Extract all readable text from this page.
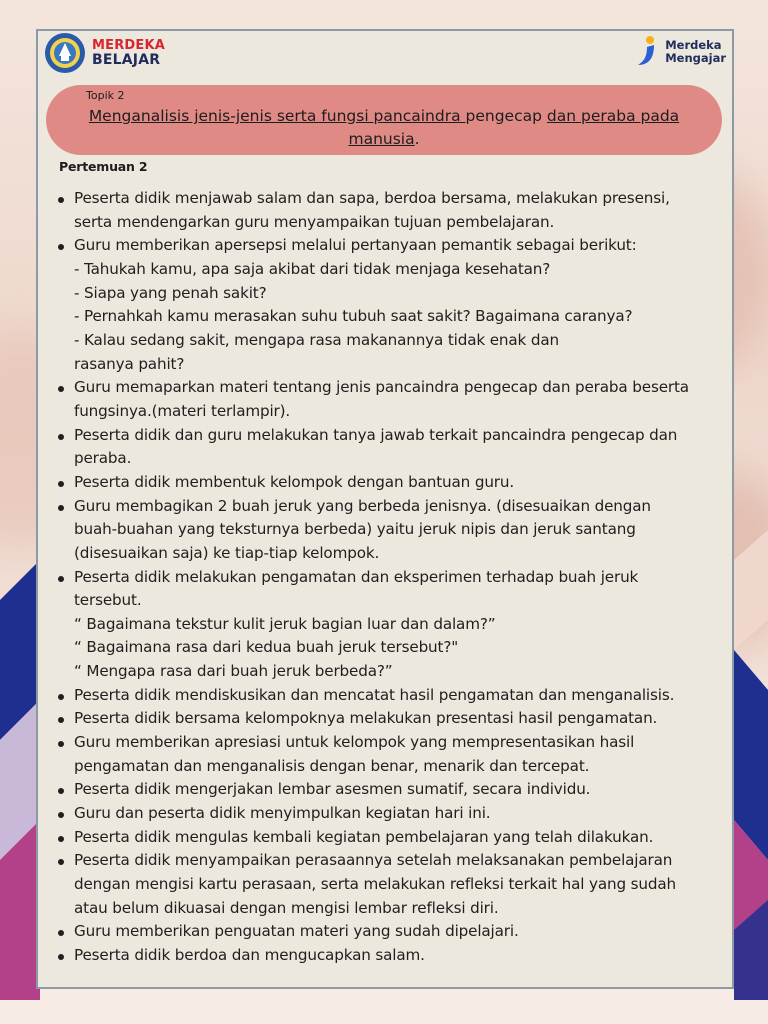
MERDEKA
BELAJAR
Merdeka
Mengajar
Topik 2
Menganalisis jenis-jenis serta fungsi pancaindra pengecap dan peraba pada
manusia.
Pertemuan 2
Peserta didik menjawab salam dan sapa, berdoa bersama, melakukan presensi,
serta mendengarkan guru menyampaikan tujuan pembelajaran.
Guru memberikan apersepsi melalui pertanyaan pemantik sebagai berikut:
- Tahukah kamu, apa saja akibat dari tidak menjaga kesehatan?
- Siapa yang penah sakit?
- Pernahkah kamu merasakan suhu tubuh saat sakit? Bagaimana caranya?
- Kalau sedang sakit, mengapa rasa makanannya tidak enak dan
rasanya pahit?
Guru memaparkan materi tentang jenis pancaindra pengecap dan peraba beserta
fungsinya.(materi terlampir).
Peserta didik dan guru melakukan tanya jawab terkait pancaindra pengecap dan
peraba.
Peserta didik membentuk kelompok dengan bantuan guru.
Guru membagikan 2 buah jeruk yang berbeda jenisnya. (disesuaikan dengan
buah-buahan yang teksturnya berbeda) yaitu jeruk nipis dan jeruk santang
(disesuaikan saja) ke tiap-tiap kelompok.
Peserta didik melakukan pengamatan dan eksperimen terhadap buah jeruk
tersebut.
“ Bagaimana tekstur kulit jeruk bagian luar dan dalam?”
“ Bagaimana rasa dari kedua buah jeruk tersebut?"
“ Mengapa rasa dari buah jeruk berbeda?”
Peserta didik mendiskusikan dan mencatat hasil pengamatan dan menganalisis.
Peserta didik bersama kelompoknya melakukan presentasi hasil pengamatan.
Guru memberikan apresiasi untuk kelompok yang mempresentasikan hasil
pengamatan dan menganalisis dengan benar, menarik dan tercepat.
Peserta didik mengerjakan lembar asesmen sumatif, secara individu.
Guru dan peserta didik menyimpulkan kegiatan hari ini.
Peserta didik mengulas kembali kegiatan pembelajaran yang telah dilakukan.
Peserta didik menyampaikan perasaannya setelah melaksanakan pembelajaran
dengan mengisi kartu perasaan, serta melakukan refleksi terkait hal yang sudah
atau belum dikuasai dengan mengisi lembar refleksi diri.
Guru memberikan penguatan materi yang sudah dipelajari.
Peserta didik berdoa dan mengucapkan salam.
